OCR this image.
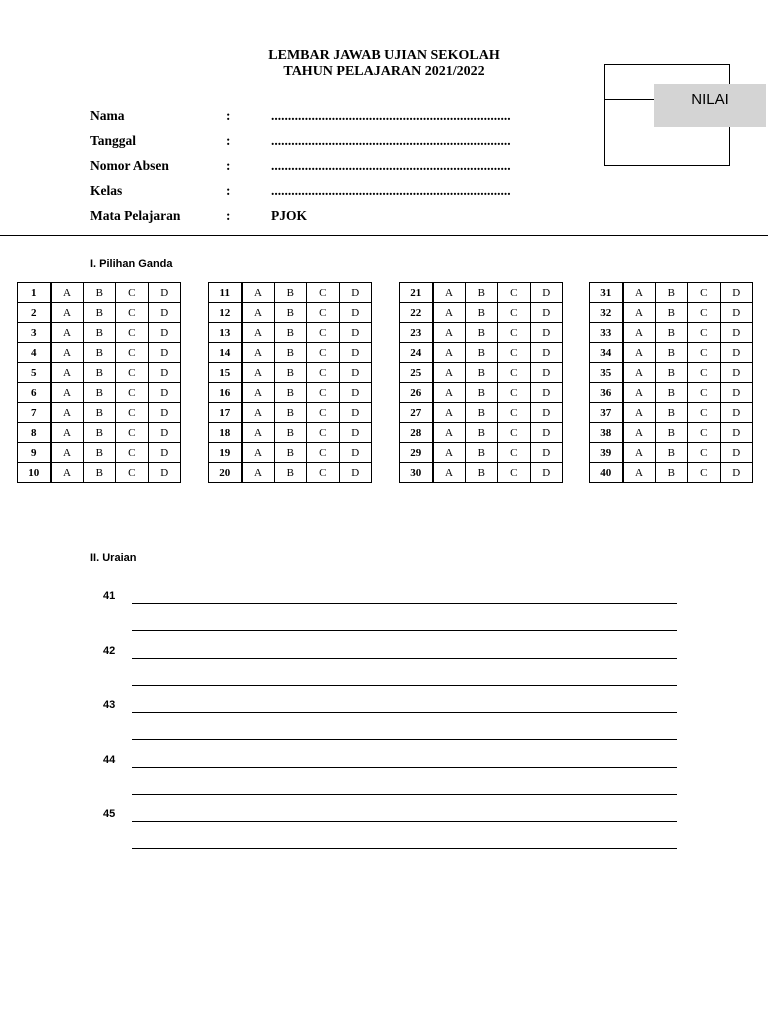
LEMBAR JAWAB UJIAN SEKOLAH
TAHUN PELAJARAN 2021/2022
NILAI
Nama	:	.......................................................................
Tanggal	:	.......................................................................
Nomor Absen	:	.......................................................................
Kelas	:	.......................................................................
Mata Pelajaran	:	PJOK
I. Pilihan Ganda
1	A	B	C	D
2	A	B	C	D
3	A	B	C	D
4	A	B	C	D
5	A	B	C	D
6	A	B	C	D
7	A	B	C	D
8	A	B	C	D
9	A	B	C	D
10	A	B	C	D
11	A	B	C	D
12	A	B	C	D
13	A	B	C	D
14	A	B	C	D
15	A	B	C	D
16	A	B	C	D
17	A	B	C	D
18	A	B	C	D
19	A	B	C	D
20	A	B	C	D
21	A	B	C	D
22	A	B	C	D
23	A	B	C	D
24	A	B	C	D
25	A	B	C	D
26	A	B	C	D
27	A	B	C	D
28	A	B	C	D
29	A	B	C	D
30	A	B	C	D
31	A	B	C	D
32	A	B	C	D
33	A	B	C	D
34	A	B	C	D
35	A	B	C	D
36	A	B	C	D
37	A	B	C	D
38	A	B	C	D
39	A	B	C	D
40	A	B	C	D
II. Uraian
41
42
43
44
45
